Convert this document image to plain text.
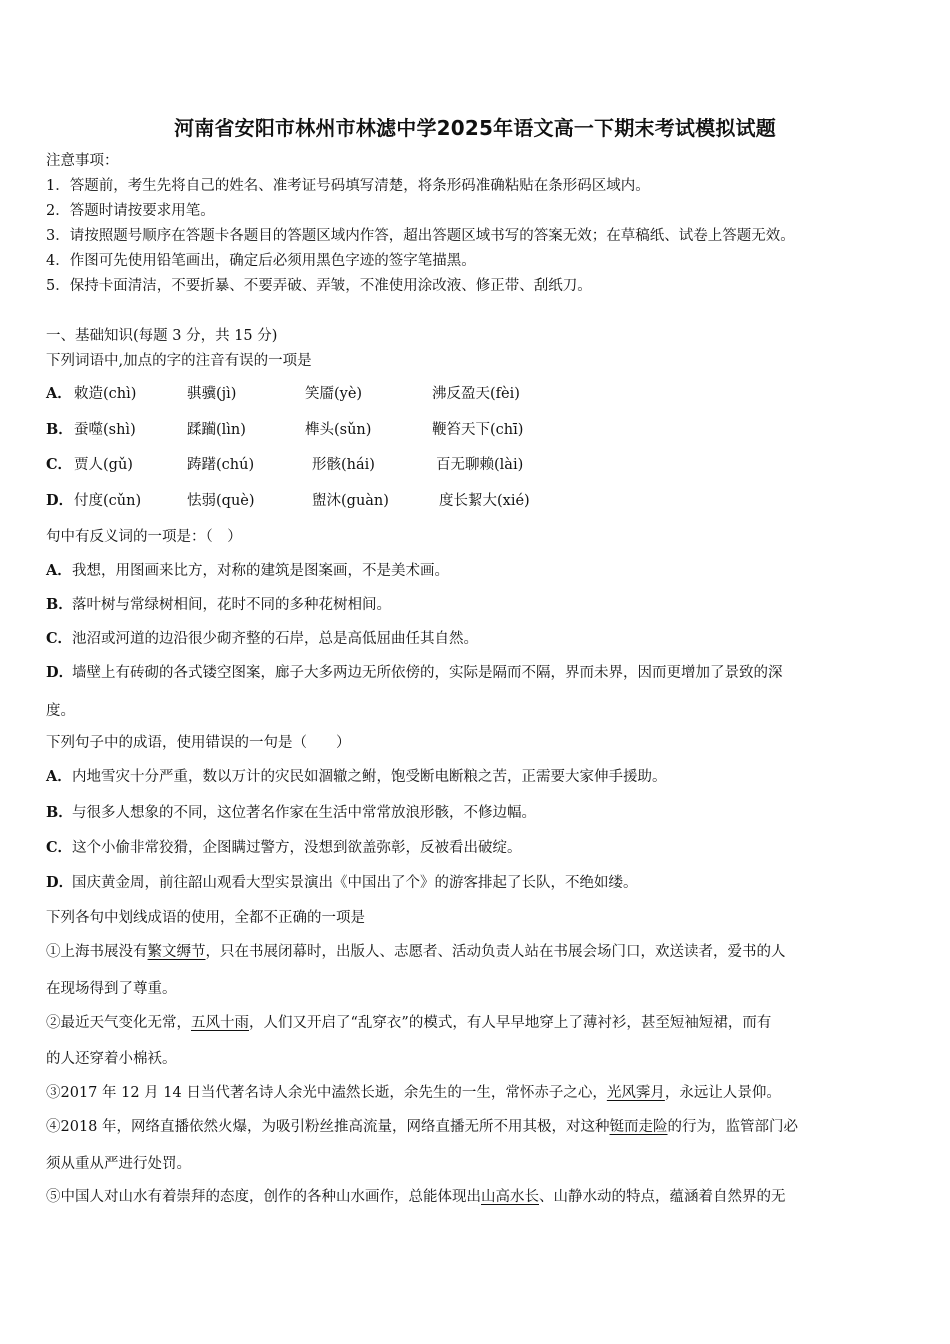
河南省安阳市林州市林滤中学2025年语文高一下期末考试模拟试题
注意事项：
1．答题前，考生先将自己的姓名、准考证号码填写清楚，将条形码准确粘贴在条形码区域内。
2．答题时请按要求用笔。
3．请按照题号顺序在答题卡各题目的答题区域内作答，超出答题区域书写的答案无效；在草稿纸、试卷上答题无效。
4．作图可先使用铅笔画出，确定后必须用黑色字迹的签字笔描黑。
5．保持卡面清洁，不要折暴、不要弄破、弄皱，不准使用涂改液、修正带、刮纸刀。
一、基础知识(每题 3 分，共 15 分)
下列词语中,加点的字的注音有误的一项是
A． 敕造(chì)	骐骥(jì)	笑靥(yè)	沸反盈天(fèi)
B． 蚕噬(shì)	蹂躏(lìn)	榫头(sǔn)	鞭笞天下(chī)
C． 贾人(gǔ)	踌躇(chú)	形骸(hái)	百无聊赖(lài)
D． 付度(cǔn)	怯弱(què)	盥沐(guàn)	度长絜大(xié)
句中有反义词的一项是：（　）
A．我想，用图画来比方，对称的建筑是图案画，不是美术画。
B．落叶树与常绿树相间，花时不同的多种花树相间。
C．池沼或河道的边沿很少砌齐整的石岸，总是高低屈曲任其自然。
D．墙壁上有砖砌的各式镂空图案，廊子大多两边无所依傍的，实际是隔而不隔，界而未界，因而更增加了景致的深
度。
下列句子中的成语，使用错误的一句是（　　）
A．内地雪灾十分严重，数以万计的灾民如涸辙之鲋，饱受断电断粮之苦，正需要大家伸手援助。
B．与很多人想象的不同，这位著名作家在生活中常常放浪形骸，不修边幅。
C．这个小偷非常狡猾，企图瞒过警方，没想到欲盖弥彰，反被看出破绽。
D．国庆黄金周，前往韶山观看大型实景演出《中国出了个》的游客排起了长队，不绝如缕。
下列各句中划线成语的使用，全都不正确的一项是
①上海书展没有繁文缛节，只在书展闭幕时，出版人、志愿者、活动负责人站在书展会场门口，欢送读者，爱书的人
在现场得到了尊重。
②最近天气变化无常，五风十雨，人们又开启了“乱穿衣”的模式，有人早早地穿上了薄衬衫，甚至短袖短裙，而有
的人还穿着小棉袄。
③2017 年 12 月 14 日当代著名诗人余光中溘然长逝，余先生的一生，常怀赤子之心，光风霁月，永远让人景仰。
④2018 年，网络直播依然火爆，为吸引粉丝推高流量，网络直播无所不用其极，对这种铤而走险的行为，监管部门必
须从重从严进行处罚。
⑤中国人对山水有着崇拜的态度，创作的各种山水画作，总能体现出山高水长、山静水动的特点，蕴涵着自然界的无
